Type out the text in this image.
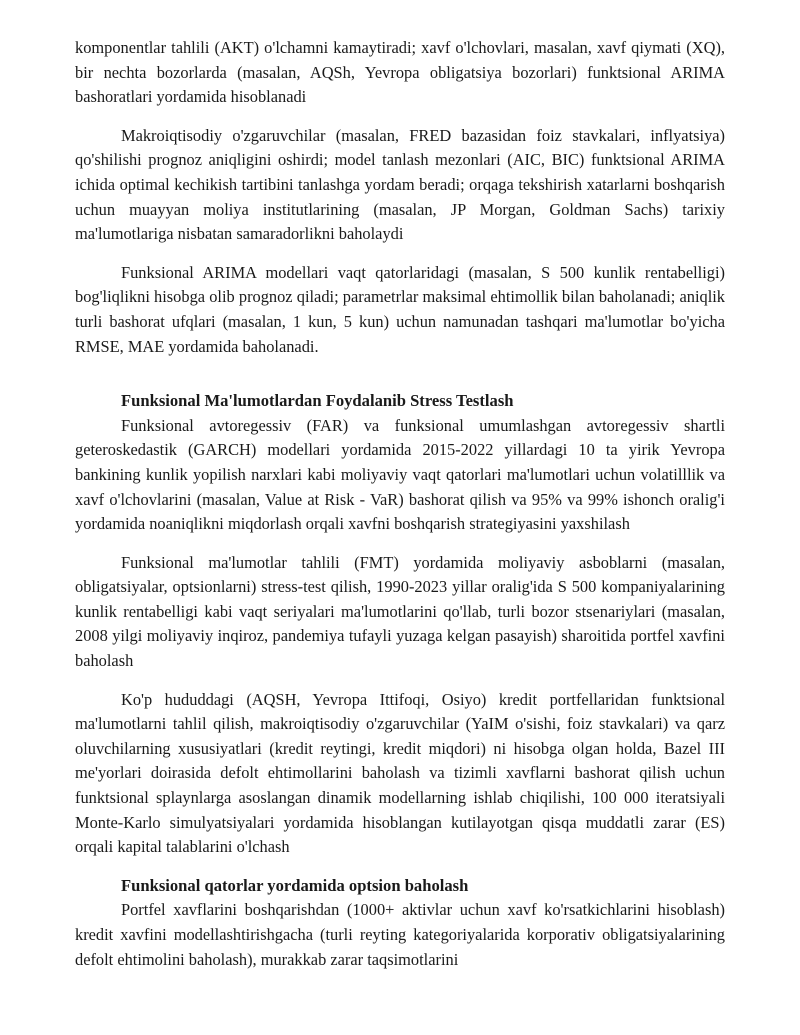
komponentlar tahlili (AKT) o'lchamni kamaytiradi; xavf o'lchovlari, masalan, xavf qiymati (XQ), bir nechta bozorlarda (masalan, AQSh, Yevropa obligatsiya bozorlari) funktsional ARIMA bashoratlari yordamida hisoblanadi

Makroiqtisodiy o'zgaruvchilar (masalan, FRED bazasidan foiz stavkalari, inflyatsiya) qo'shilishi prognoz aniqligini oshirdi; model tanlash mezonlari (AIC, BIC) funktsional ARIMA ichida optimal kechikish tartibini tanlashga yordam beradi; orqaga tekshirish xatarlarni boshqarish uchun muayyan moliya institutlarining (masalan, JP Morgan, Goldman Sachs) tarixiy ma'lumotlariga nisbatan samaradorlikni baholaydi

Funksional ARIMA modellari vaqt qatorlaridagi (masalan, S 500 kunlik rentabelligi) bog'liqlikni hisobga olib prognoz qiladi; parametrlar maksimal ehtimollik bilan baholanadi; aniqlik turli bashorat ufqlari (masalan, 1 kun, 5 kun) uchun namunadan tashqari ma'lumotlar bo'yicha RMSE, MAE yordamida baholanadi.

Funksional Ma'lumotlardan Foydalanib Stress Testlash

Funksional avtoregessiv (FAR) va funksional umumlashgan avtoregessiv shartli geteroskedastik (GARCH) modellari yordamida 2015-2022 yillardagi 10 ta yirik Yevropa bankining kunlik yopilish narxlari kabi moliyaviy vaqt qatorlari ma'lumotlari uchun volatilllik va xavf o'lchovlarini (masalan, Value at Risk - VaR) bashorat qilish va 95% va 99% ishonch oralig'i yordamida noaniqlikni miqdorlash orqali xavfni boshqarish strategiyasini yaxshilash

Funksional ma'lumotlar tahlili (FMT) yordamida moliyaviy asboblarni (masalan, obligatsiyalar, optsionlarni) stress-test qilish, 1990-2023 yillar oralig'ida S 500 kompaniyalarining kunlik rentabelligi kabi vaqt seriyalari ma'lumotlarini qo'llab, turli bozor stsenariylari (masalan, 2008 yilgi moliyaviy inqiroz, pandemiya tufayli yuzaga kelgan pasayish) sharoitida portfel xavfini baholash

Ko'p hududdagi (AQSH, Yevropa Ittifoqi, Osiyo) kredit portfellaridan funktsional ma'lumotlarni tahlil qilish, makroiqtisodiy o'zgaruvchilar (YaIM o'sishi, foiz stavkalari) va qarz oluvchilarning xususiyatlari (kredit reytingi, kredit miqdori) ni hisobga olgan holda, Bazel III me'yorlari doirasida defolt ehtimollarini baholash va tizimli xavflarni bashorat qilish uchun funktsional splaynlarga asoslangan dinamik modellarning ishlab chiqilishi, 100 000 iteratsiyali Monte-Karlo simulyatsiyalari yordamida hisoblangan kutilayotgan qisqa muddatli zarar (ES) orqali kapital talablarini o'lchash

Funksional qatorlar yordamida optsion baholash

Portfel xavflarini boshqarishdan (1000+ aktivlar uchun xavf ko'rsatkichlarini hisoblash) kredit xavfini modellashtirishgacha (turli reyting kategoriyalarida korporativ obligatsiyalarining defolt ehtimolini baholash), murakkab zarar taqsimotlarini
